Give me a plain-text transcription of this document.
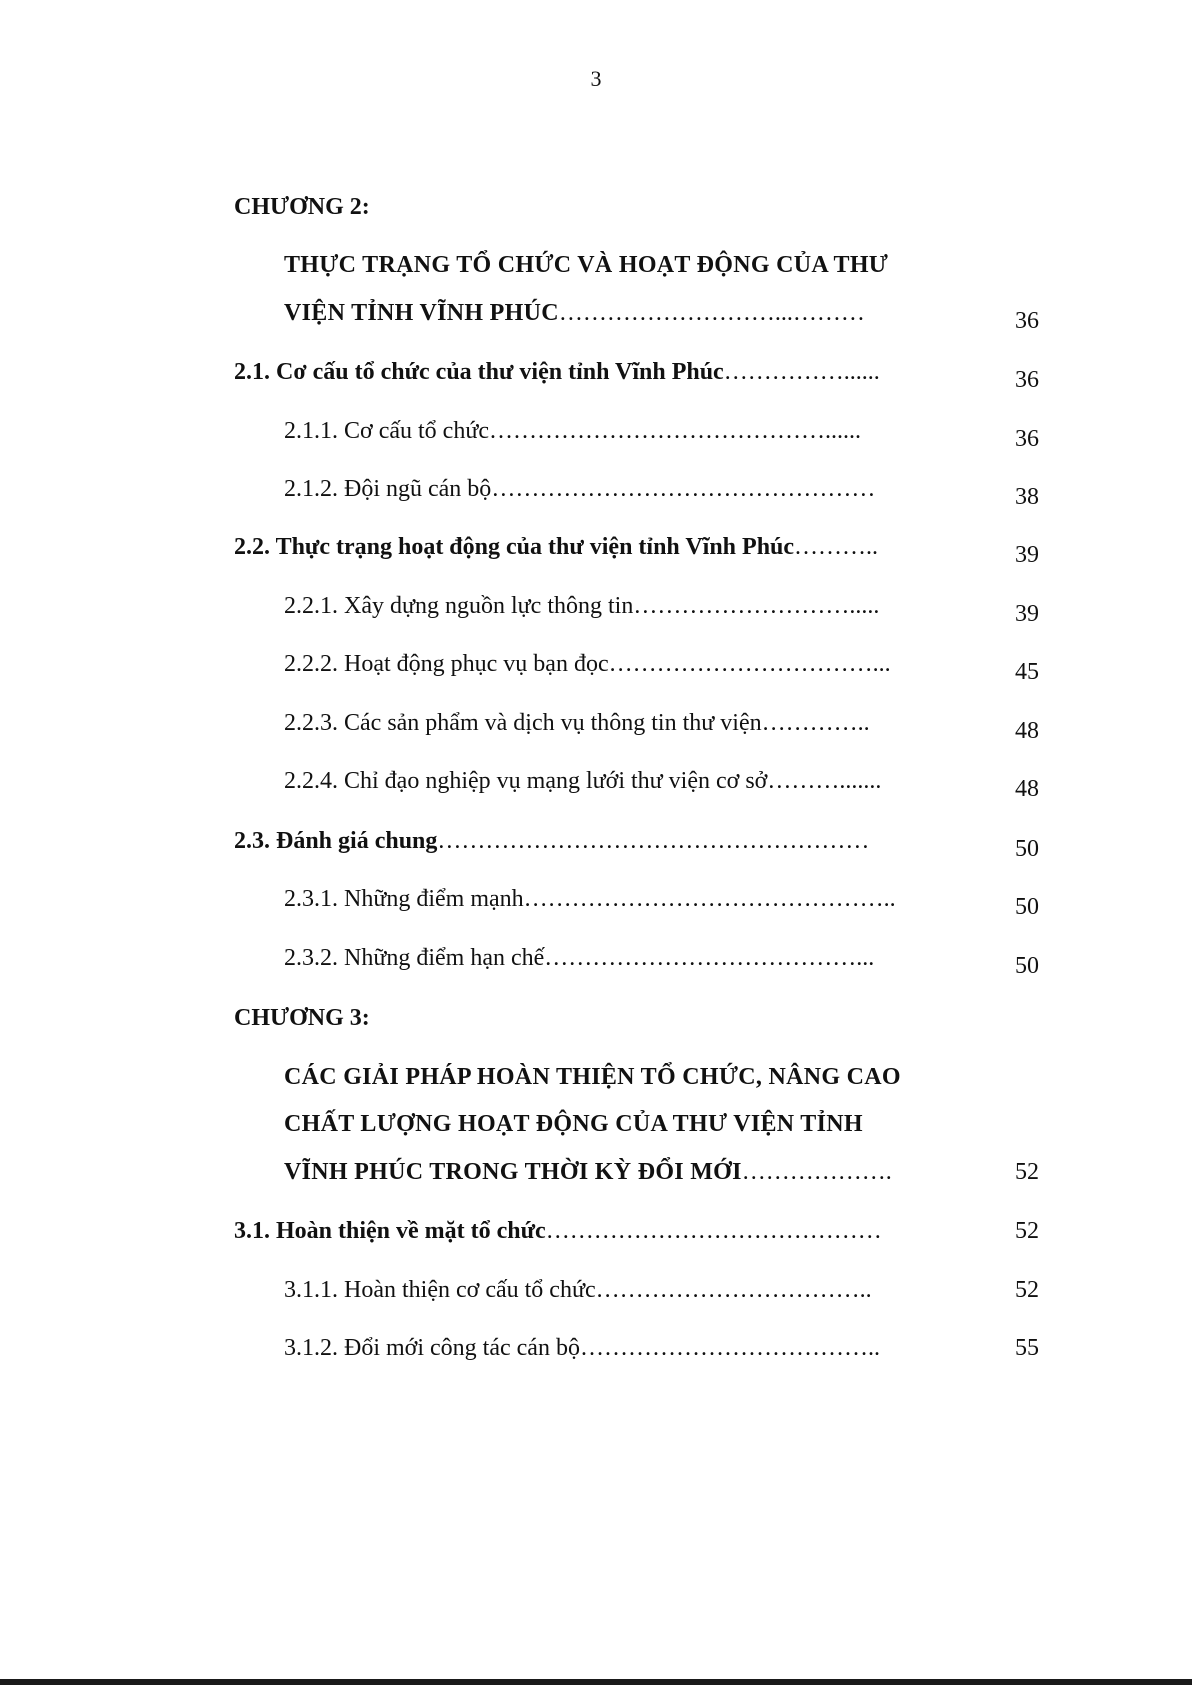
3
CHƯƠNG 2:
THỰC TRẠNG TỔ CHỨC VÀ HOẠT ĐỘNG CỦA THƯ
VIỆN TỈNH VĨNH PHÚC………………………...………	36
2.1. Cơ cấu tổ chức của thư viện tỉnh Vĩnh Phúc……………......	36
2.1.1. Cơ cấu tổ chức……………………………………......	36
2.1.2. Đội ngũ cán bộ…………………………………………	38
2.2. Thực trạng hoạt động của thư viện tỉnh Vĩnh Phúc………..	39
2.2.1. Xây dựng nguồn lực thông tin……………………….....	39
2.2.2. Hoạt động phục vụ bạn đọc……………………………...	45
2.2.3. Các sản phẩm và dịch vụ thông tin thư viện…………..	48
2.2.4. Chỉ đạo nghiệp vụ mạng lưới thư viện cơ sở……….......	48
2.3. Đánh giá chung………………………………………………	50
2.3.1. Những điểm mạnh………………………………………..	50
2.3.2. Những điểm hạn chế…………………………………...	50
CHƯƠNG 3:
CÁC GIẢI PHÁP HOÀN THIỆN TỔ CHỨC, NÂNG CAO
CHẤT LƯỢNG HOẠT ĐỘNG CỦA THƯ VIỆN TỈNH
VĨNH PHÚC TRONG THỜI KỲ ĐỔI MỚI……………….	52
3.1. Hoàn thiện về mặt tổ chức……………………………………	52
3.1.1. Hoàn thiện cơ cấu tổ chức……………………………..	52
3.1.2. Đổi mới công tác cán bộ………………………………..	55
